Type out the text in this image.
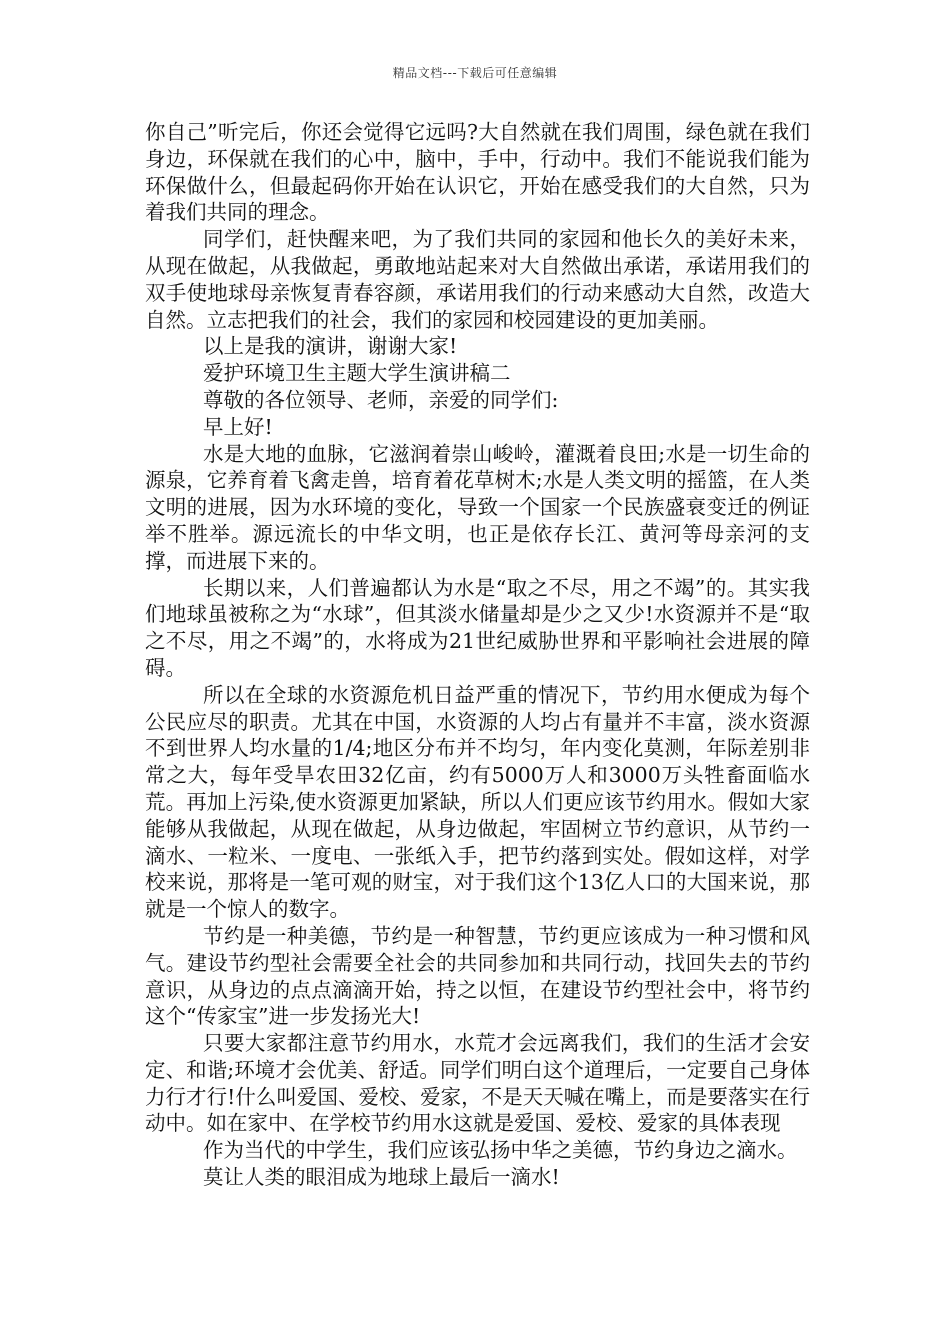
精品文档---下载后可任意编辑

你自己”听完后，你还会觉得它远吗?大自然就在我们周围，绿色就在我们身边，环保就在我们的心中，脑中，手中，行动中。我们不能说我们能为环保做什么，但最起码你开始在认识它，开始在感受我们的大自然，只为着我们共同的理念。

同学们，赶快醒来吧，为了我们共同的家园和他长久的美好未来，从现在做起，从我做起，勇敢地站起来对大自然做出承诺，承诺用我们的双手使地球母亲恢复青春容颜，承诺用我们的行动来感动大自然，改造大自然。立志把我们的社会，我们的家园和校园建设的更加美丽。

以上是我的演讲，谢谢大家!

爱护环境卫生主题大学生演讲稿二

尊敬的各位领导、老师，亲爱的同学们:

早上好!

水是大地的血脉，它滋润着崇山峻岭，灌溉着良田;水是一切生命的源泉，它养育着飞禽走兽，培育着花草树木;水是人类文明的摇篮，在人类文明的进展，因为水环境的变化，导致一个国家一个民族盛衰变迁的例证举不胜举。源远流长的中华文明，也正是依存长江、黄河等母亲河的支撑，而进展下来的。

长期以来，人们普遍都认为水是“取之不尽，用之不竭”的。其实我们地球虽被称之为“水球”，但其淡水储量却是少之又少!水资源并不是“取之不尽，用之不竭”的，水将成为21世纪威胁世界和平影响社会进展的障碍。

所以在全球的水资源危机日益严重的情况下，节约用水便成为每个公民应尽的职责。尤其在中国，水资源的人均占有量并不丰富，淡水资源不到世界人均水量的1/4;地区分布并不均匀，年内变化莫测，年际差别非常之大，每年受旱农田32亿亩，约有5000万人和3000万头牲畜面临水荒。再加上污染,使水资源更加紧缺，所以人们更应该节约用水。假如大家能够从我做起，从现在做起，从身边做起，牢固树立节约意识，从节约一滴水、一粒米、一度电、一张纸入手，把节约落到实处。假如这样，对学校来说，那将是一笔可观的财宝，对于我们这个13亿人口的大国来说，那就是一个惊人的数字。

节约是一种美德，节约是一种智慧，节约更应该成为一种习惯和风气。建设节约型社会需要全社会的共同参加和共同行动，找回失去的节约意识，从身边的点点滴滴开始，持之以恒，在建设节约型社会中，将节约这个“传家宝”进一步发扬光大!

只要大家都注意节约用水，水荒才会远离我们，我们的生活才会安定、和谐;环境才会优美、舒适。同学们明白这个道理后，一定要自己身体力行才行!什么叫爱国、爱校、爱家，不是天天喊在嘴上，而是要落实在行动中。如在家中、在学校节约用水这就是爱国、爱校、爱家的具体表现

作为当代的中学生，我们应该弘扬中华之美德，节约身边之滴水。

莫让人类的眼泪成为地球上最后一滴水!
